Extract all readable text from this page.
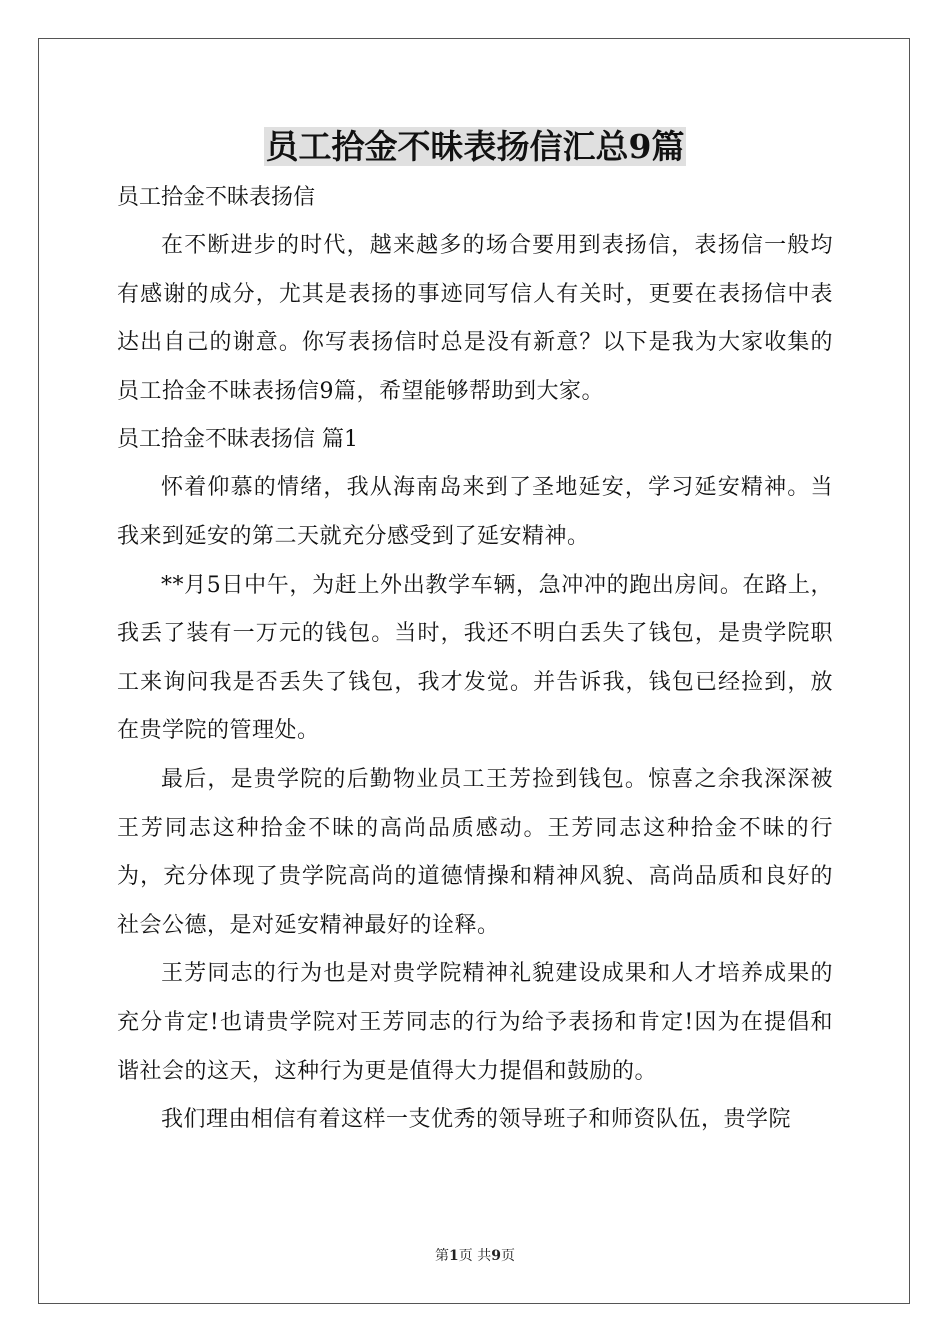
员工拾金不昧表扬信汇总9篇

员工拾金不昧表扬信

在不断进步的时代，越来越多的场合要用到表扬信，表扬信一般均有感谢的成分，尤其是表扬的事迹同写信人有关时，更要在表扬信中表达出自己的谢意。你写表扬信时总是没有新意？以下是我为大家收集的员工拾金不昧表扬信9篇，希望能够帮助到大家。

员工拾金不昧表扬信 篇1

怀着仰慕的情绪，我从海南岛来到了圣地延安，学习延安精神。当我来到延安的第二天就充分感受到了延安精神。

**月5日中午，为赶上外出教学车辆，急冲冲的跑出房间。在路上，我丢了装有一万元的钱包。当时，我还不明白丢失了钱包，是贵学院职工来询问我是否丢失了钱包，我才发觉。并告诉我，钱包已经捡到，放在贵学院的管理处。

最后，是贵学院的后勤物业员工王芳捡到钱包。惊喜之余我深深被王芳同志这种拾金不昧的高尚品质感动。王芳同志这种拾金不昧的行为，充分体现了贵学院高尚的道德情操和精神风貌、高尚品质和良好的社会公德，是对延安精神最好的诠释。

王芳同志的行为也是对贵学院精神礼貌建设成果和人才培养成果的充分肯定!也请贵学院对王芳同志的行为给予表扬和肯定!因为在提倡和谐社会的这天，这种行为更是值得大力提倡和鼓励的。

我们理由相信有着这样一支优秀的领导班子和师资队伍，贵学院

第1页 共9页
